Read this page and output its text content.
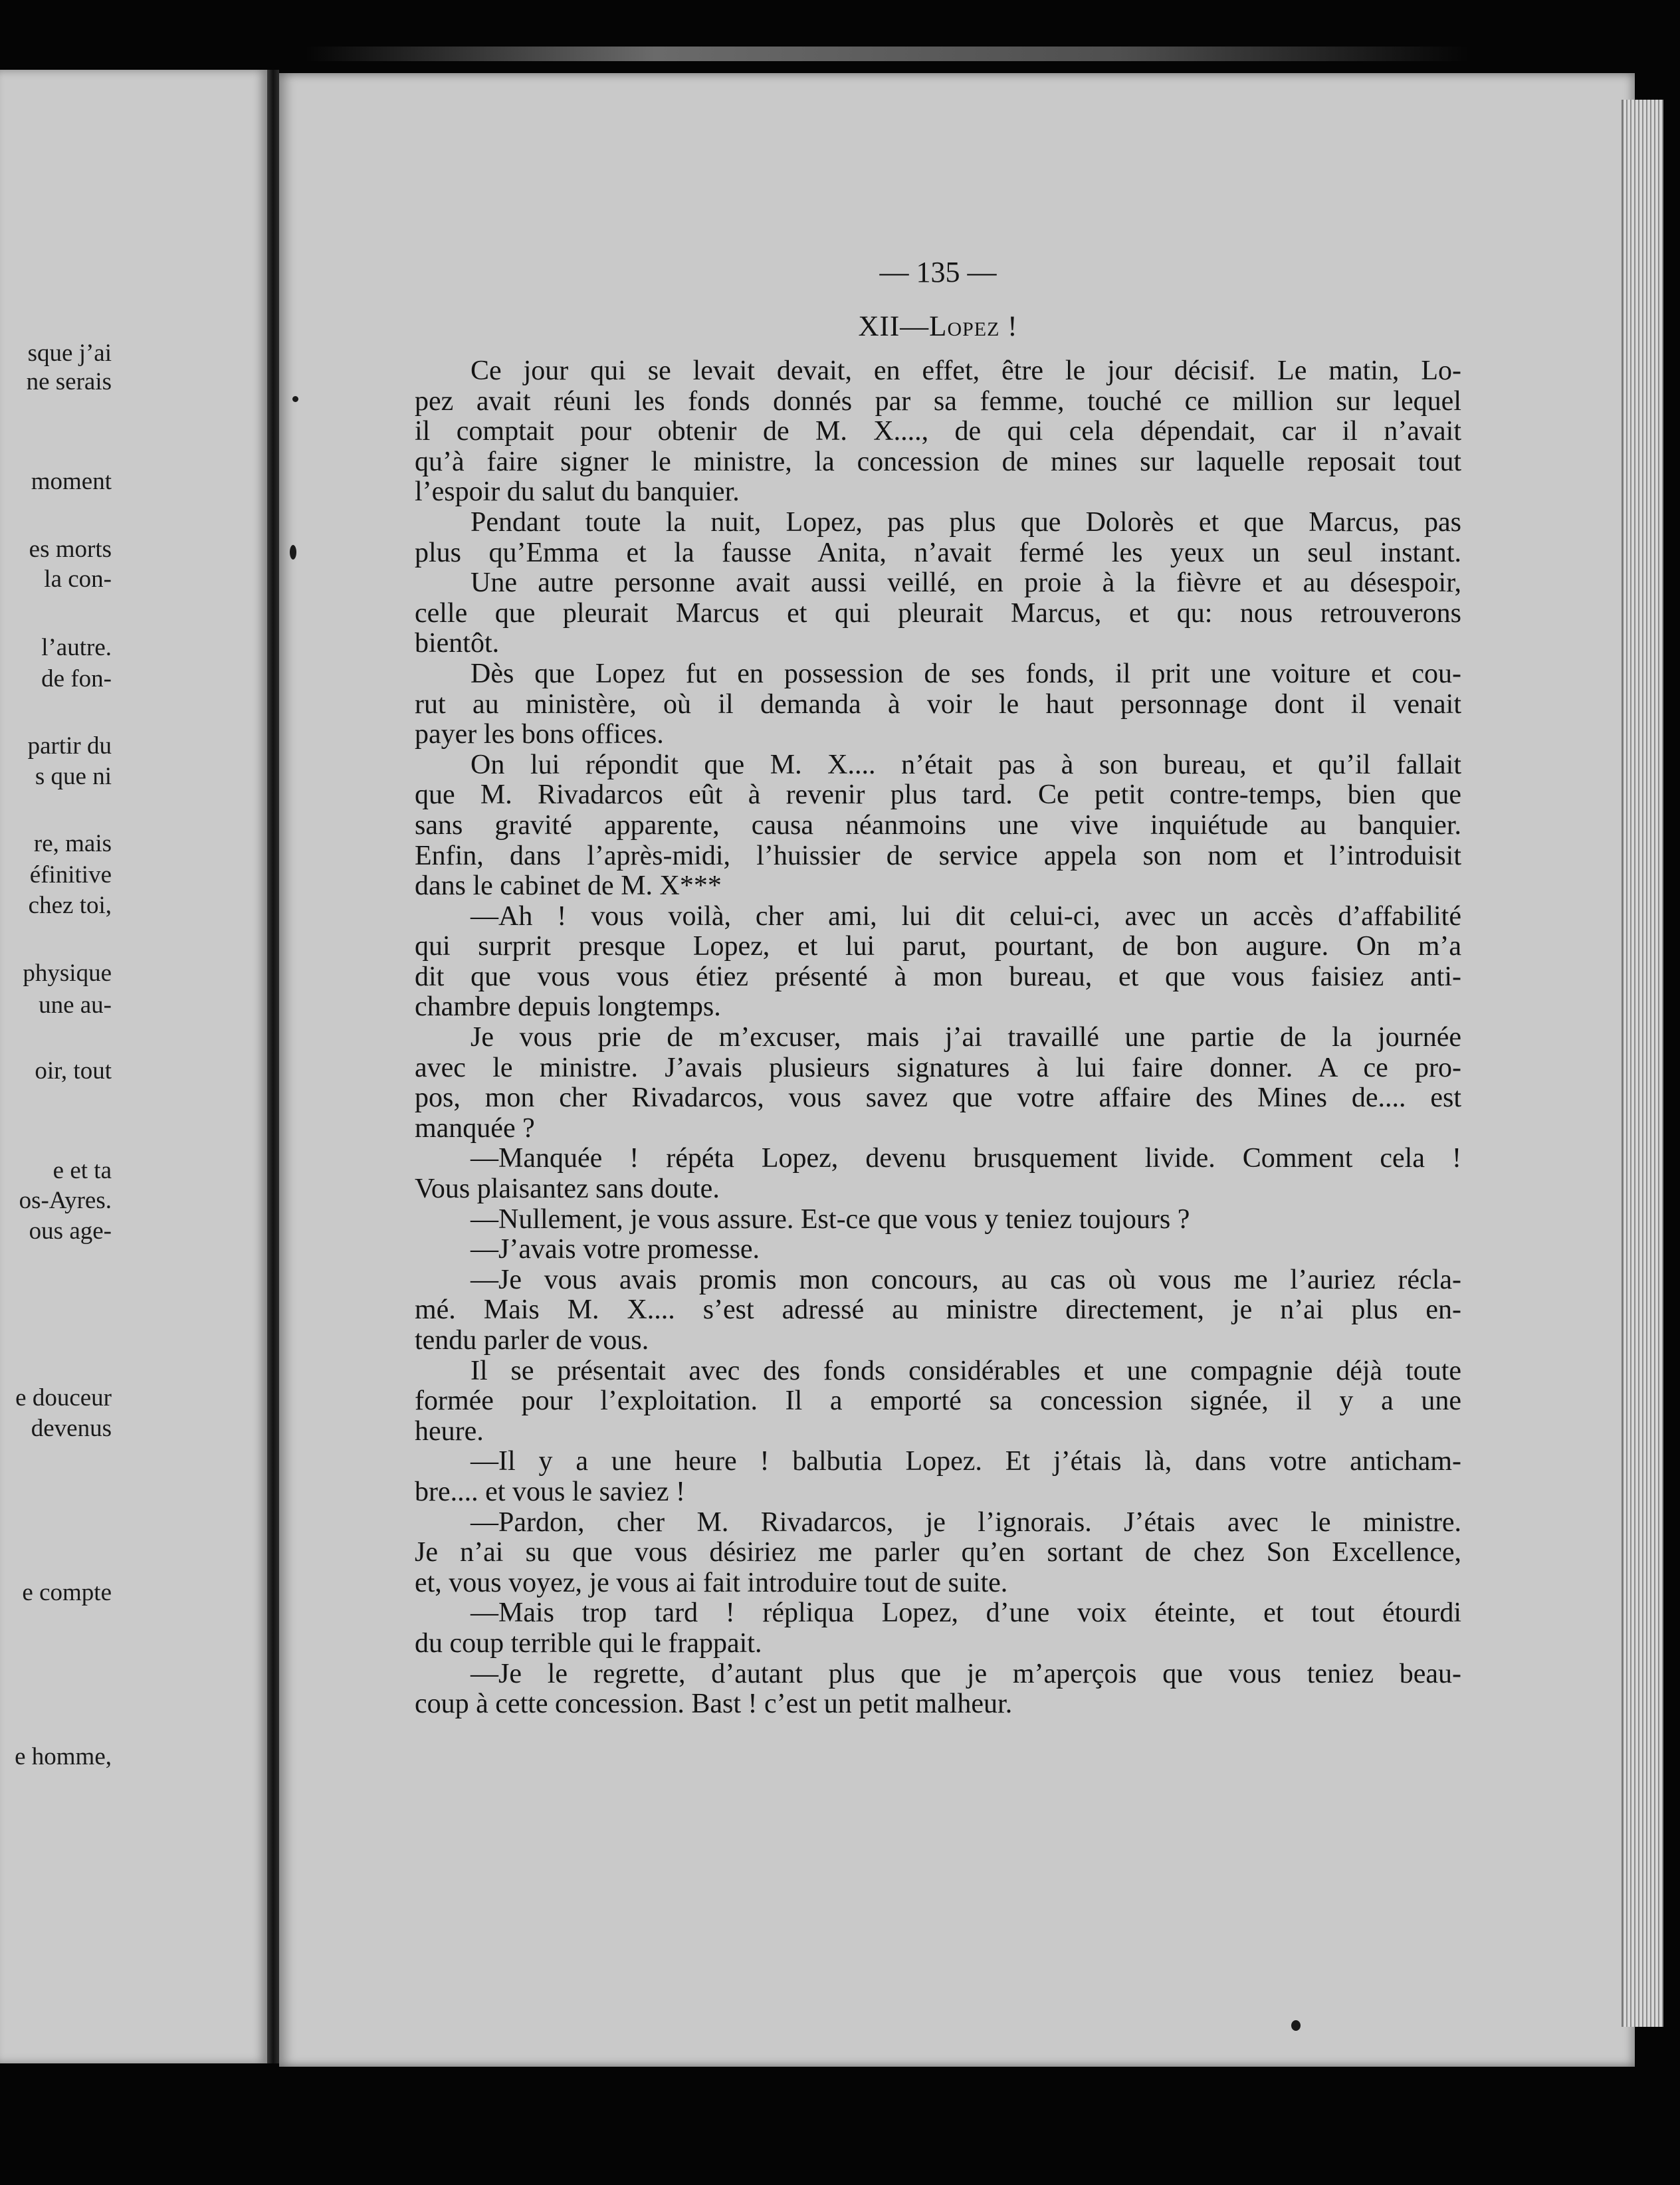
sque j’ai
ne serais
moment
es morts
la con-
l’autre.
de fon-
partir du
s que ni
re, mais
éfinitive
chez toi,
physique
une au-
oir, tout
e et ta
os-Ayres.
ous age-
e douceur
devenus
e compte
e homme,
— 135 —
XII—Lopez !
Ce jour qui se levait devait, en effet, être le jour décisif. Le matin, Lo-
pez avait réuni les fonds donnés par sa femme, touché ce million sur lequel
il comptait pour obtenir de M. X...., de qui cela dépendait, car il n’avait
qu’à faire signer le ministre, la concession de mines sur laquelle reposait tout
l’espoir du salut du banquier.
Pendant toute la nuit, Lopez, pas plus que Dolorès et que Marcus, pas
plus qu’Emma et la fausse Anita, n’avait fermé les yeux un seul instant.
Une autre personne avait aussi veillé, en proie à la fièvre et au désespoir,
celle que pleurait Marcus et qui pleurait Marcus, et qu: nous retrouverons
bientôt.
Dès que Lopez fut en possession de ses fonds, il prit une voiture et cou-
rut au ministère, où il demanda à voir le haut personnage dont il venait
payer les bons offices.
On lui répondit que M. X.... n’était pas à son bureau, et qu’il fallait
que M. Rivadarcos eût à revenir plus tard. Ce petit contre-temps, bien que
sans gravité apparente, causa néanmoins une vive inquiétude au banquier.
Enfin, dans l’après-midi, l’huissier de service appela son nom et l’introduisit
dans le cabinet de M. X***
—Ah ! vous voilà, cher ami, lui dit celui-ci, avec un accès d’affabilité
qui surprit presque Lopez, et lui parut, pourtant, de bon augure. On m’a
dit que vous vous étiez présenté à mon bureau, et que vous faisiez anti-
chambre depuis longtemps.
Je vous prie de m’excuser, mais j’ai travaillé une partie de la journée
avec le ministre. J’avais plusieurs signatures à lui faire donner. A ce pro-
pos, mon cher Rivadarcos, vous savez que votre affaire des Mines de.... est
manquée ?
—Manquée ! répéta Lopez, devenu brusquement livide. Comment cela !
Vous plaisantez sans doute.
—Nullement, je vous assure. Est-ce que vous y teniez toujours ?
—J’avais votre promesse.
—Je vous avais promis mon concours, au cas où vous me l’auriez récla-
mé. Mais M. X.... s’est adressé au ministre directement, je n’ai plus en-
tendu parler de vous.
Il se présentait avec des fonds considérables et une compagnie déjà toute
formée pour l’exploitation. Il a emporté sa concession signée, il y a une
heure.
—Il y a une heure ! balbutia Lopez. Et j’étais là, dans votre anticham-
bre.... et vous le saviez !
—Pardon, cher M. Rivadarcos, je l’ignorais. J’étais avec le ministre.
Je n’ai su que vous désiriez me parler qu’en sortant de chez Son Excellence,
et, vous voyez, je vous ai fait introduire tout de suite.
—Mais trop tard ! répliqua Lopez, d’une voix éteinte, et tout étourdi
du coup terrible qui le frappait.
—Je le regrette, d’autant plus que je m’aperçois que vous teniez beau-
coup à cette concession. Bast ! c’est un petit malheur.
